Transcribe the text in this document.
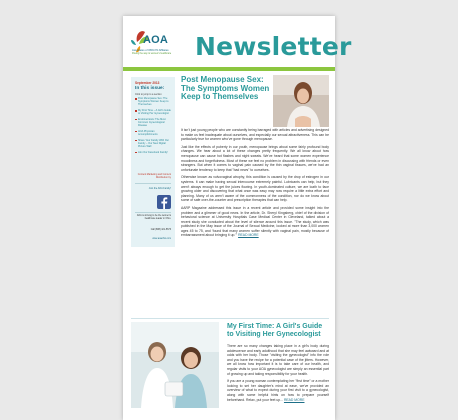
AOA
Associates of OB/GYN Affiliates
Paving the way to women's healthcare Newsletter
September 2013
In this issue:
Click to jump to a section
Post Menopause Sex: The Symptoms Women Keep to Themselves
My First Time – A Girl's Guide to Visiting Her Gynecologist
Endometriosis: The Most Common Gynecological Disease
AOA Physician Accomplishments
Share Your Family With Our Family – Our New Digital Picture Wall
Join Our Facebook Family!
Content Marketing and Content Distribution by
Join the AOA Family!
AOA is striving to be the women's healthcare leader in Ohio.
Call (888) 421-5676
www.aoaohio.com
Post Menopause Sex: The Symptoms Women Keep to Themselves

It isn't just young people who are constantly being barraged with articles and advertising designed to make us feel inadequate about ourselves, and especially our sexual attractiveness. This can be particularly true for women who've gone through menopause.

Just like the effects of puberty in our youth, menopause brings about some fairly profound body changes. We hear about a lot of these changes pretty frequently. We all know about how menopause can cause hot flashes and night sweats. We've heard that some women experience moodiness and forgetfulness. Most of these we feel no problem in discussing with friends or even strangers. But when it comes to vaginal pain caused by the thin vaginal tissues, we've had an unfortunate tendency to keep that "bad news" to ourselves.

Otherwise known as vulvovaginal atrophy, this condition is caused by the drop of estrogen in our systems. It can make having sexual intercourse extremely painful. Lubricants can help, but they aren't always enough to get the juices flowing. In youth-dominated culture, we are loath to face growing older and discovering that what once was easy may now require a little extra effort and planning. Many of us aren't aware of the commonness of the condition, nor do we know about some of safe over-the-counter and prescription therapies that can help.

AARP Magazine addressed this issue in a recent article and provided some insight into the problem and a glimmer of good news. In the article, Dr. Sheryl Kingsberg, chief of the division of behavioral science at University Hospitals Case Medical Center in Cleveland, talked about a recent study she conducted about the level of silence around this issue. "The study, which was published in the May issue of the Journal of Sexual Medicine, looked at more than 3,000 women ages 45 to 75, and 'found that many women suffer silently with vaginal pain, mostly because of embarrassment about bringing it up.'" READ MORE

My First Time: A Girl's Guide to Visiting Her Gynecologist

There are so many changes taking place in a girl's body during adolescence and early adulthood that she may feel awkward and at odds with her body. Those "visiting the gynecologist" info the role and you have the recipe for a potential case of the jitters. However, we all know how important it is to take care of our health, and regular visits to your AOA gynecologist are simply an essential part of growing up and taking responsibility for your health.

If you are a young woman contemplating her "first time" or a mother looking to set her daughter's mind at ease, we've provided an overview of what to expect during your first visit to a gynecologist, along with some helpful hints on how to prepare yourself beforehand. Relax, put your feet up... READ MORE
